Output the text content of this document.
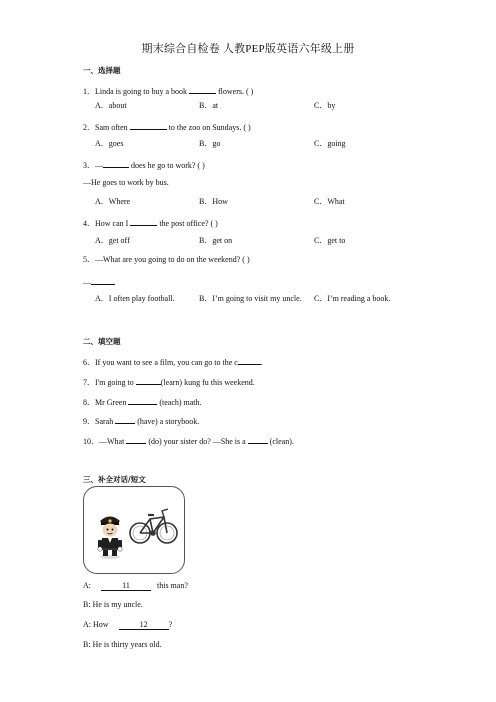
期末综合自检卷 人教PEP版英语六年级上册
一、选择题
1．Linda is going to buy a book	flowers. ( )
A．about	B．at	C．by
2．Sam often	to the zoo on Sundays. ( )
A．goes	B．go	C．going
3．—	does he go to work? ( )
—He goes to work by bus.
A．Where	B．How	C．What
4．How can I	the post office? ( )
A．get off	B．get on	C．get to
5．—What are you going to do on the weekend? ( )
—
A．I often play football.	B．I’m going to visit my uncle. C．I’m reading a book.
二、填空题
6．If you want to see a film, you can go to the c	.
7．I'm going to	(learn) kung fu this weekend.
8．Mr Green	(teach) math.
9．Sarah	(have) a storybook.
10．—What	(do) your sister do? —She is a	(clean).
三、补全对话/短文
A:	11	this man?
B: He is my uncle.
A: How	12	?
B: He is thirty years old.
